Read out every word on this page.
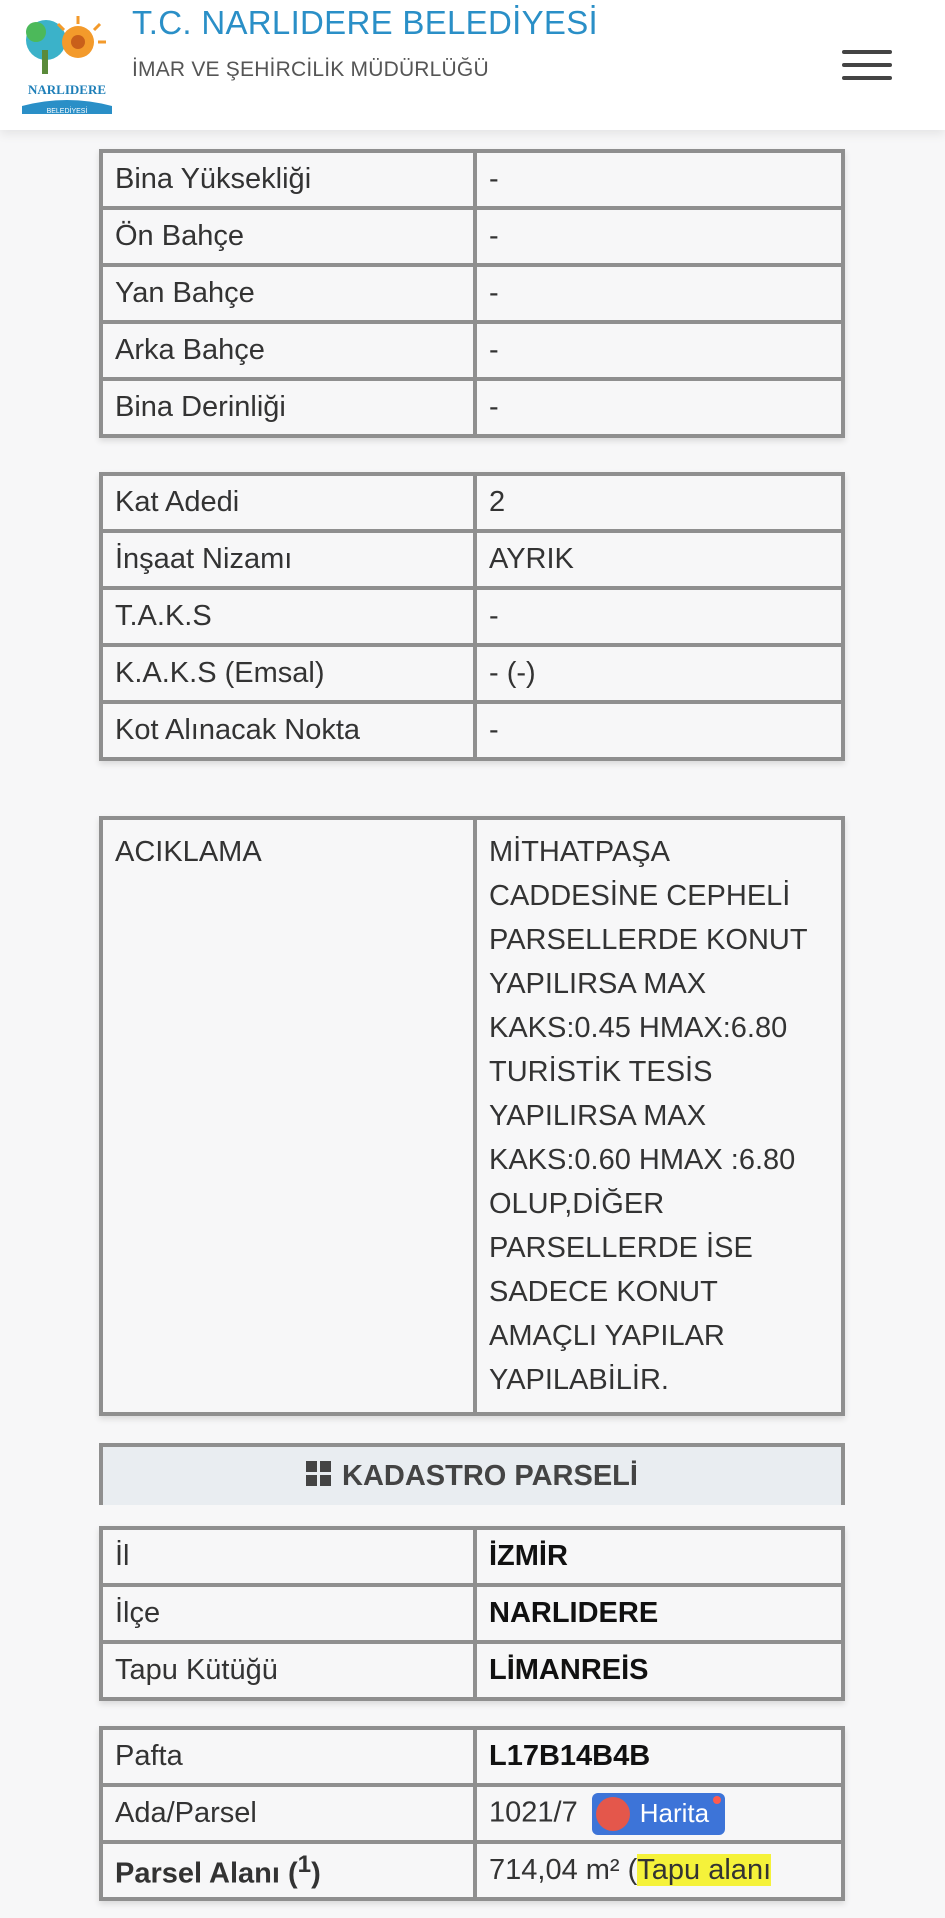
NARLIDERE
BELEDİYESİ
T.C. NARLIDERE BELEDİYESİ
İMAR VE ŞEHİRCİLİK MÜDÜRLÜĞÜ
Bina Yüksekliği	-
Ön Bahçe	-
Yan Bahçe	-
Arka Bahçe	-
Bina Derinliği	-
Kat Adedi	2
İnşaat Nizamı	AYRIK
T.A.K.S	-
K.A.K.S (Emsal)	- (-)
Kot Alınacak Nokta	-
ACIKLAMA	MİTHATPAŞA CADDESİNE CEPHELİ PARSELLERDE KONUT YAPILIRSA MAX KAKS:0.45 HMAX:6.80 TURİSTİK TESİS YAPILIRSA MAX KAKS:0.60 HMAX :6.80 OLUP,DİĞER PARSELLERDE İSE SADECE KONUT AMAÇLI YAPILAR YAPILABİLİR.
KADASTRO PARSELİ
İl	İZMİR
İlçe	NARLIDERE
Tapu Kütüğü	LİMANREİS
Pafta	L17B14B4B
Ada/Parsel	1021/7 Harita

Parsel Alanı ($^1$)	714,04 m² (Tapu alanı
